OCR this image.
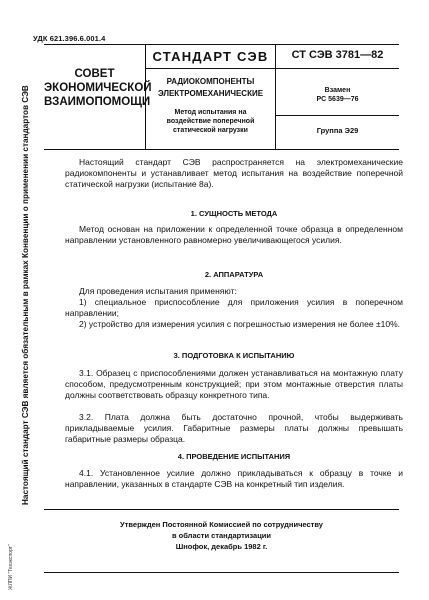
УДК 621.396.6.001.4
СОВЕТ
ЭКОНОМИЧЕСКОЙ
ВЗАИМОПОМОЩИ
СТАНДАРТ СЭВ
РАДИОКОМПОНЕНТЫ
ЭЛЕКТРОМЕХАНИЧЕСКИЕ
Метод испытания на
воздействие поперечной
статической нагрузки
СТ СЭВ 3781—82
Взамен
PC 5639—76
Группа Э29
Настоящий стандарт СЭВ является обязательным в рамках Конвенции о применении стандартов СЭВ
ЖЛПИ "Техэкспорт"
Настоящий стандарт СЭВ распространяется на электромеханические радиокомпоненты и устанавливает метод испытания на воздействие поперечной статической нагрузки (испытание 8а).
1. СУЩНОСТЬ МЕТОДА
Метод основан на приложении к определенной точке образца в определенном направлении установленного равномерно увеличивающегося усилия.
2. АППАРАТУРА
Для проведения испытания применяют:
1) специальное приспособление для приложения усилия в поперечном направлении;
2) устройство для измерения усилия с погрешностью измерения не более ±10%.
3. ПОДГОТОВКА К ИСПЫТАНИЮ
3.1. Образец с приспособлениями должен устанавливаться на монтажную плату способом, предусмотренным конструкцией; при этом монтажные отверстия платы должны соответствовать образцу конкретного типа.
3.2. Плата должна быть достаточно прочной, чтобы выдерживать прикладываемые усилия. Габаритные размеры платы должны превышать габаритные размеры образца.
4. ПРОВЕДЕНИЕ ИСПЫТАНИЯ
4.1. Установленное усилие должно прикладываться к образцу в точке и направлении, указанных в стандарте СЭВ на конкретный тип изделия.
Утвержден Постоянной Комиссией по сотрудничеству
в области стандартизации
Шнофок, декабрь 1982 г.
